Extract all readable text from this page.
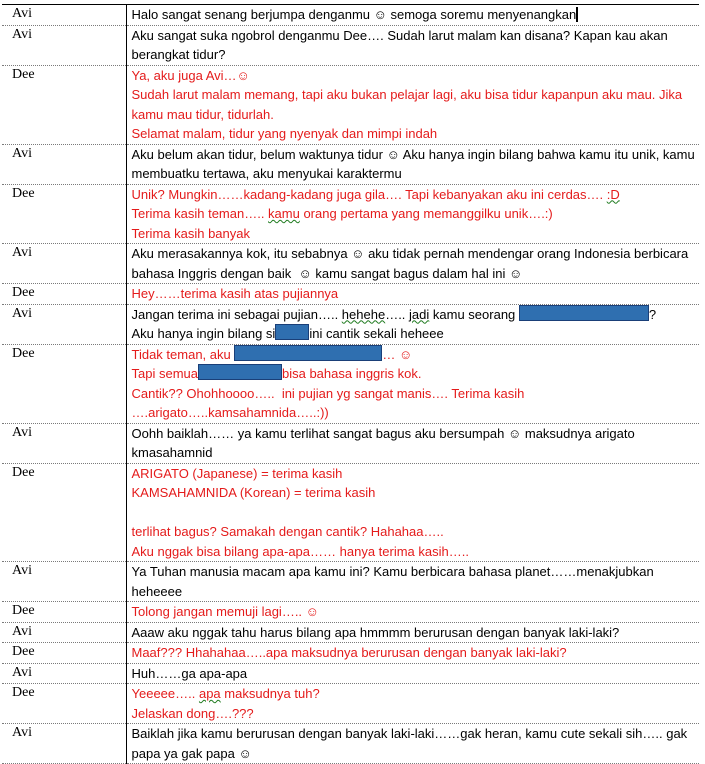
Avi	Halo sangat senang berjumpa denganmu ☺ semoga soremu menyenangkan
Avi	Aku sangat suka ngobrol denganmu Dee…. Sudah larut malam kan disana? Kapan kau akan berangkat tidur?
Dee	Ya, aku juga Avi…☺
Sudah larut malam memang, tapi aku bukan pelajar lagi, aku bisa tidur kapanpun aku mau. Jika kamu mau tidur, tidurlah.
Selamat malam, tidur yang nyenyak dan mimpi indah
Avi	Aku belum akan tidur, belum waktunya tidur ☺ Aku hanya ingin bilang bahwa kamu itu unik, kamu membuatku tertawa, aku menyukai karaktermu
Dee	Unik? Mungkin……kadang-kadang juga gila…. Tapi kebanyakan aku ini cerdas…. :D
Terima kasih teman….. kamu orang pertama yang memanggilku unik….:)
Terima kasih banyak
Avi	Aku merasakannya kok, itu sebabnya ☺ aku tidak pernah mendengar orang Indonesia berbicara bahasa Inggris dengan baik  ☺ kamu sangat bagus dalam hal ini ☺
Dee	Hey……terima kasih atas pujiannya
Avi	Jangan terima ini sebagai pujian….. hehehe….. jadi kamu seorang ?
Aku hanya ingin bilang si ini cantik sekali heheee
Dee	Tidak teman, aku … ☺
Tapi semua bisa bahasa inggris kok.
Cantik?? Ohohhoooo…..  ini pujian yg sangat manis…. Terima kasih ….arigato…..kamsahamnida…..:))
Avi	Oohh baiklah…… ya kamu terlihat sangat bagus aku bersumpah ☺ maksudnya arigato kmasahamnid
Dee	ARIGATO (Japanese) = terima kasih
KAMSAHAMNIDA (Korean) = terima kasih

terlihat bagus? Samakah dengan cantik? Hahahaa…..
Aku nggak bisa bilang apa-apa…… hanya terima kasih…..
Avi	Ya Tuhan manusia macam apa kamu ini? Kamu berbicara bahasa planet……menakjubkan heheeee
Dee	Tolong jangan memuji lagi….. ☺
Avi	Aaaw aku nggak tahu harus bilang apa hmmmm berurusan dengan banyak laki-laki?
Dee	Maaf??? Hhahahaa…..apa maksudnya berurusan dengan banyak laki-laki?
Avi	Huh……ga apa-apa
Dee	Yeeeee….. apa maksudnya tuh?
Jelaskan dong….???
Avi	Baiklah jika kamu berurusan dengan banyak laki-laki……gak heran, kamu cute sekali sih….. gak papa ya gak papa ☺
